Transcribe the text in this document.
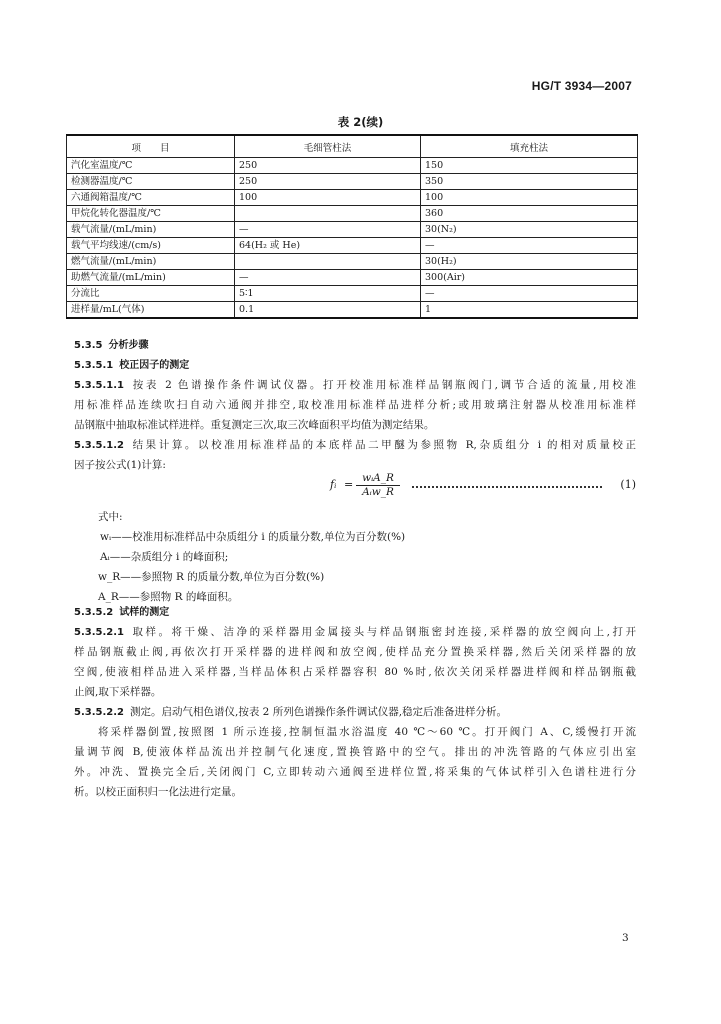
HG/T 3934—2007
表 2(续)
项　　目	毛细管柱法	填充柱法
汽化室温度/℃	250	150
检测器温度/℃	250	350
六通阀箱温度/℃	100	100
甲烷化转化器温度/℃		360
载气流量/(mL/min)	—	30(N₂)
载气平均线速/(cm/s)	64(H₂ 或 He)	—
燃气流量/(mL/min)		30(H₂)
助燃气流量/(mL/min)	—	300(Air)
分流比	5∶1	—
进样量/mL(气体)	0.1	1
5.3.5 分析步骤
5.3.5.1 校正因子的测定
5.3.5.1.1 按表 2 色谱操作条件调试仪器。打开校准用标准样品钢瓶阀门,调节合适的流量,用校准
用标准样品连续吹扫自动六通阀并排空,取校准用标准样品进样分析;或用玻璃注射器从校准用标准样
品钢瓶中抽取标准试样进样。重复测定三次,取三次峰面积平均值为测定结果。
5.3.5.1.2 结果计算。以校准用标准样品的本底样品二甲醚为参照物 R,杂质组分 i 的相对质量校正
因子按公式(1)计算:
fᵢ = wᵢA_R
Aᵢw_R
(1)
式中:
wᵢ——校准用标准样品中杂质组分 i 的质量分数,单位为百分数(%)
Aᵢ——杂质组分 i 的峰面积;
w_R——参照物 R 的质量分数,单位为百分数(%)
A_R——参照物 R 的峰面积。
5.3.5.2 试样的测定
5.3.5.2.1 取样。将干燥、洁净的采样器用金属接头与样品钢瓶密封连接,采样器的放空阀向上,打开
样品钢瓶截止阀,再依次打开采样器的进样阀和放空阀,使样品充分置换采样器,然后关闭采样器的放
空阀,使液相样品进入采样器,当样品体积占采样器容积 80 %时,依次关闭采样器进样阀和样品钢瓶截
止阀,取下采样器。
5.3.5.2.2 测定。启动气相色谱仪,按表 2 所列色谱操作条件调试仪器,稳定后准备进样分析。
将采样器倒置,按照图 1 所示连接,控制恒温水浴温度 40 ℃～60 ℃。打开阀门 A、C,缓慢打开流
量调节阀 B,使液体样品流出并控制气化速度,置换管路中的空气。排出的冲洗管路的气体应引出室
外。冲洗、置换完全后,关闭阀门 C,立即转动六通阀至进样位置,将采集的气体试样引入色谱柱进行分
析。以校正面积归一化法进行定量。
3
